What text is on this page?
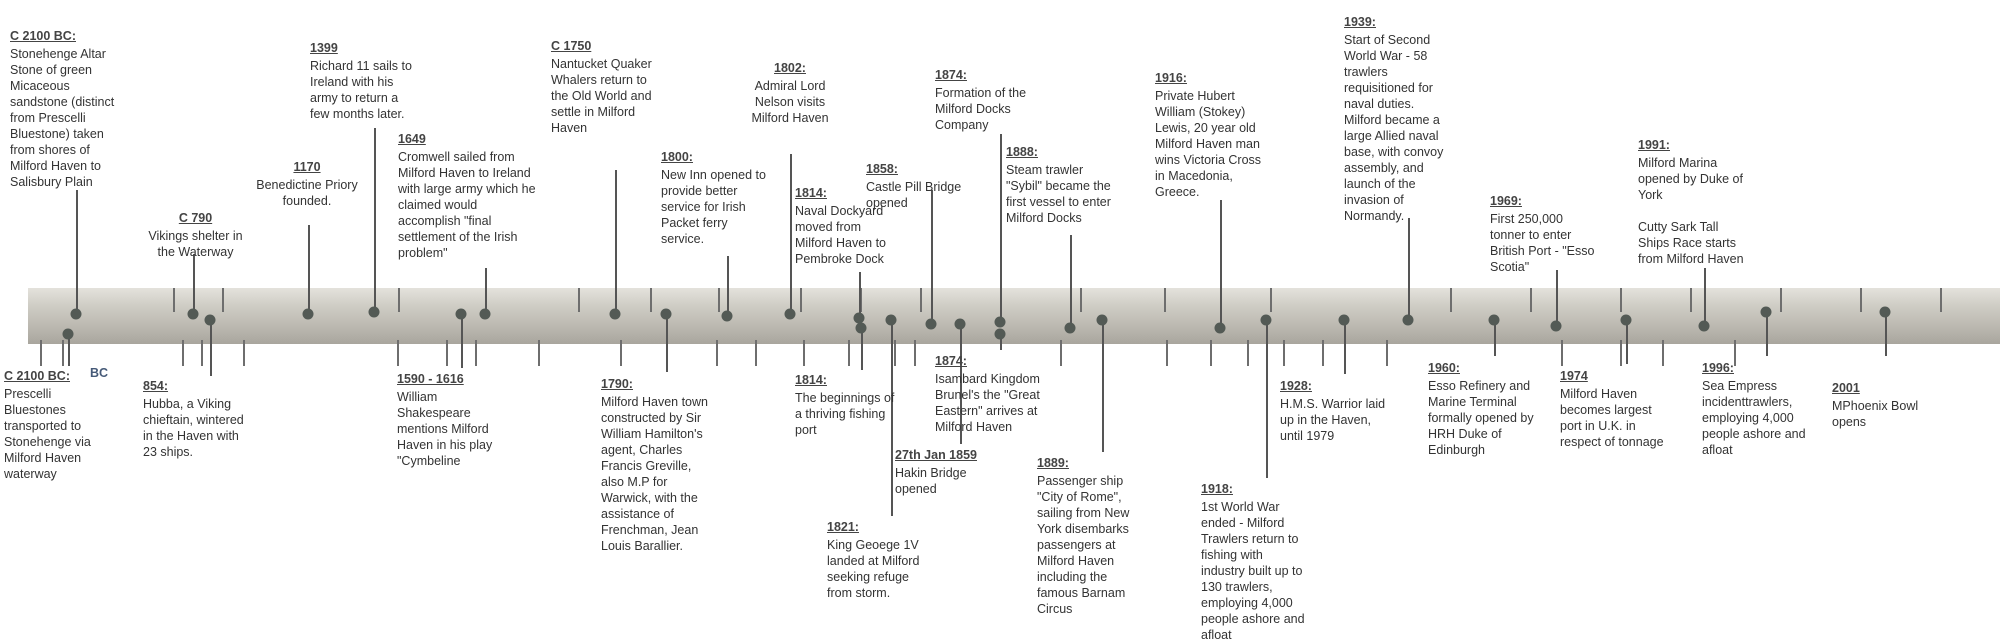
C 2100 BC:
Stonehenge Altar
Stone of green
Micaceous
sandstone (distinct
from Prescelli
Bluestone) taken
from shores of
Milford Haven to
Salisbury Plain
C 2100 BC:
Prescelli
Bluestones
transported to
Stonehenge via
Milford Haven
waterway
C 790
Vikings shelter in
the Waterway
854:
Hubba, a Viking
chieftain, wintered
in the Haven with
23 ships.
1170
Benedictine Priory
founded.
1399
Richard 11 sails to
Ireland with his
army to return a
few months later.
1649
Cromwell sailed from
Milford Haven to Ireland
with large army which he
claimed would
accomplish "final
settlement of the Irish
problem"
1590 - 1616
William
Shakespeare
mentions Milford
Haven in his play
"Cymbeline
C 1750
Nantucket Quaker
Whalers return to
the Old World and
settle in Milford
Haven
1790:
Milford Haven town
constructed by Sir
William Hamilton's
agent, Charles
Francis Greville,
also M.P for
Warwick, with the
assistance of
Frenchman, Jean
Louis Barallier.
1800:
New Inn opened to
provide better
service for Irish
Packet ferry
service.
1802:
Admiral Lord
Nelson visits
Milford Haven
1814:
Naval Dockyard
moved from
Milford Haven to
Pembroke Dock
1814:
The beginnings of
a thriving fishing
port
1821:
King Geoege 1V
landed at Milford
seeking refuge
from storm.
1858:
Castle Pill Bridge
opened
27th Jan 1859
Hakin Bridge
opened
1874:
Formation of the
Milford Docks
Company
1874:
Isambard Kingdom
Brunel's the "Great
Eastern" arrives at
Milford Haven
1888:
Steam trawler
"Sybil" became the
first vessel to enter
Milford Docks
1889:
Passenger ship
"City of Rome",
sailing from New
York disembarks
passengers at
Milford Haven
including the
famous Barnam
Circus
1916:
Private Hubert
William (Stokey)
Lewis, 20 year old
Milford Haven man
wins Victoria Cross
in Macedonia,
Greece.
1918:
1st World War
ended - Milford
Trawlers return to
fishing with
industry built up to
130 trawlers,
employing 4,000
people ashore and
afloat
1928:
H.M.S. Warrior laid
up in the Haven,
until 1979
1939:
Start of Second
World War - 58
trawlers
requisitioned for
naval duties.
Milford became a
large Allied naval
base, with convoy
assembly, and
launch of the
invasion of
Normandy.
1960:
Esso Refinery and
Marine Terminal
formally opened by
HRH Duke of
Edinburgh
1969:
First 250,000
tonner to enter
British Port - "Esso
Scotia"
1974
Milford Haven
becomes largest
port in U.K. in
respect of tonnage
1991:
Milford Marina
opened by Duke of
York

Cutty Sark Tall
Ships Race starts
from Milford Haven
1996:
Sea Empress
incidenttrawlers,
employing 4,000
people ashore and
afloat
2001
MPhoenix Bowl
opens
BC
